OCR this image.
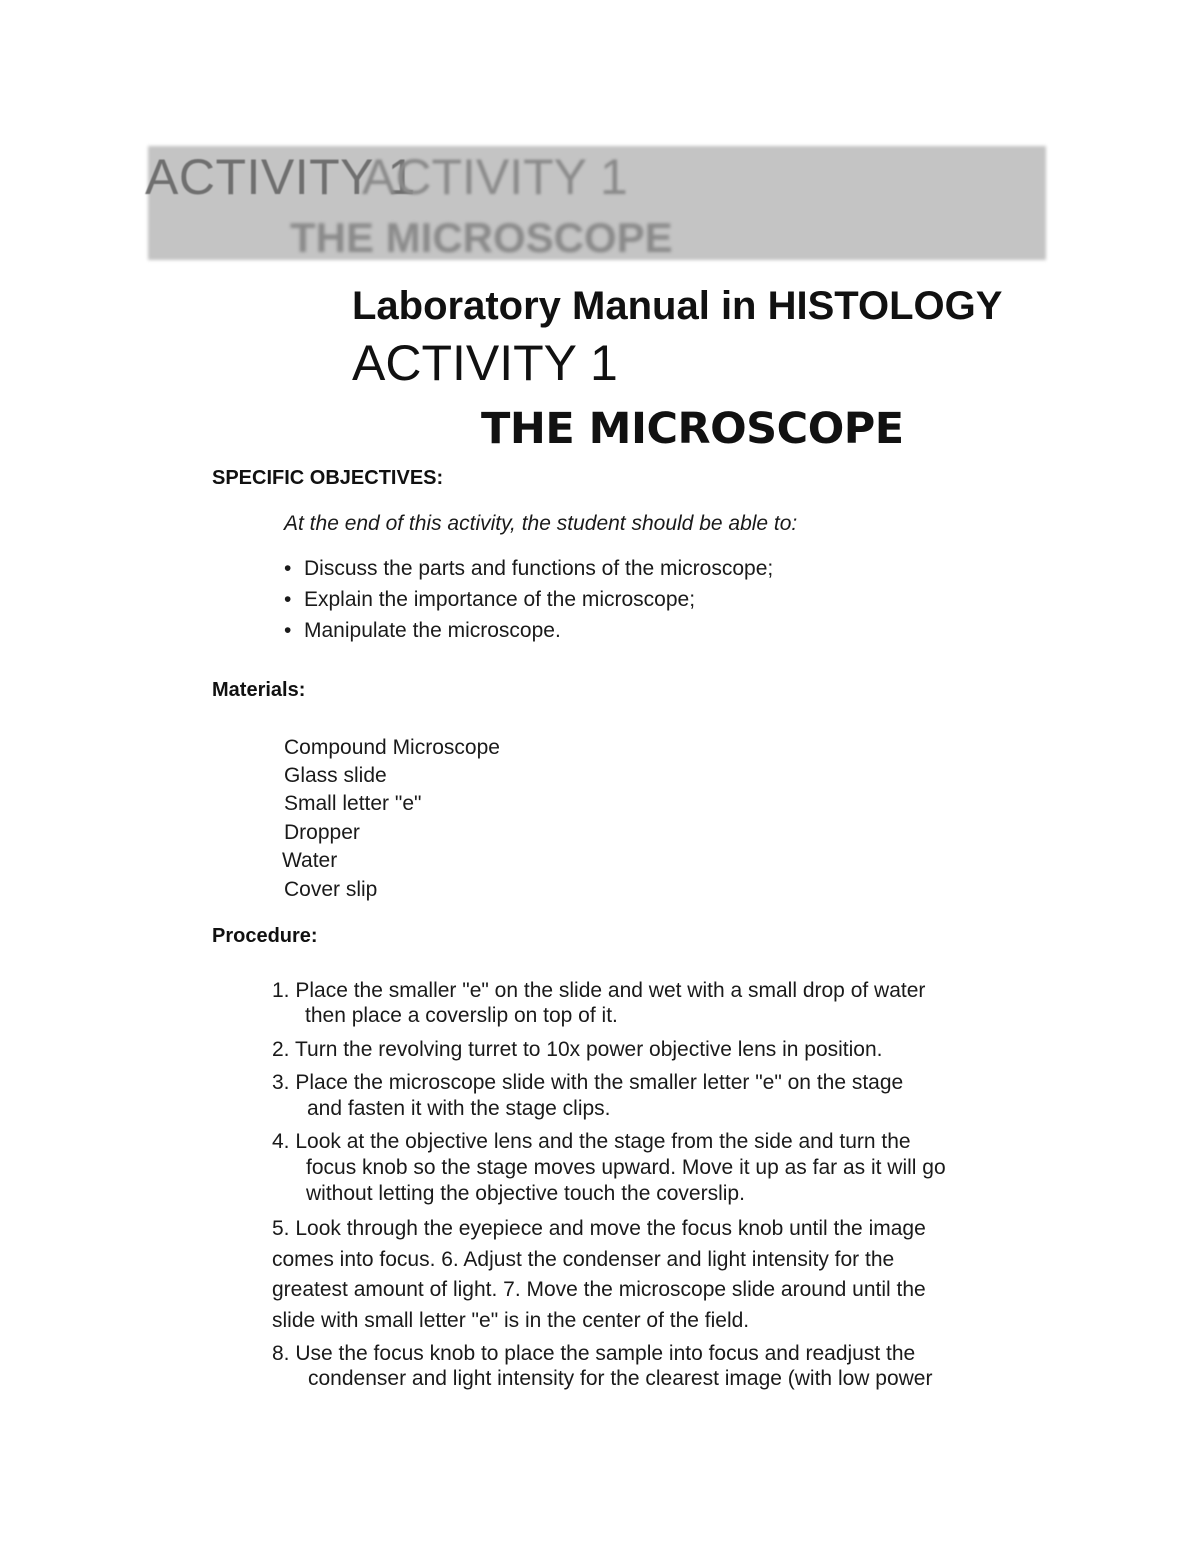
ACTIVITY 1
ACTIVITY 1
THE MICROSCOPE
Laboratory Manual in HISTOLOGY
ACTIVITY 1
THE MICROSCOPE
SPECIFIC OBJECTIVES:
At the end of this activity, the student should be able to:
• Discuss the parts and functions of the microscope;
• Explain the importance of the microscope;
• Manipulate the microscope.
Materials:
Compound Microscope
Glass slide
Small letter "e"
Dropper
Water
Cover slip
Procedure:
1. Place the smaller "e" on the slide and wet with a small drop of water
then place a coverslip on top of it.
2. Turn the revolving turret to 10x power objective lens in position.
3. Place the microscope slide with the smaller letter "e" on the stage
and fasten it with the stage clips.
4. Look at the objective lens and the stage from the side and turn the
focus knob so the stage moves upward. Move it up as far as it will go
without letting the objective touch the coverslip.
5. Look through the eyepiece and move the focus knob until the image
comes into focus. 6. Adjust the condenser and light intensity for the
greatest amount of light. 7. Move the microscope slide around until the
slide with small letter "e" is in the center of the field.
8. Use the focus knob to place the sample into focus and readjust the
condenser and light intensity for the clearest image (with low power
